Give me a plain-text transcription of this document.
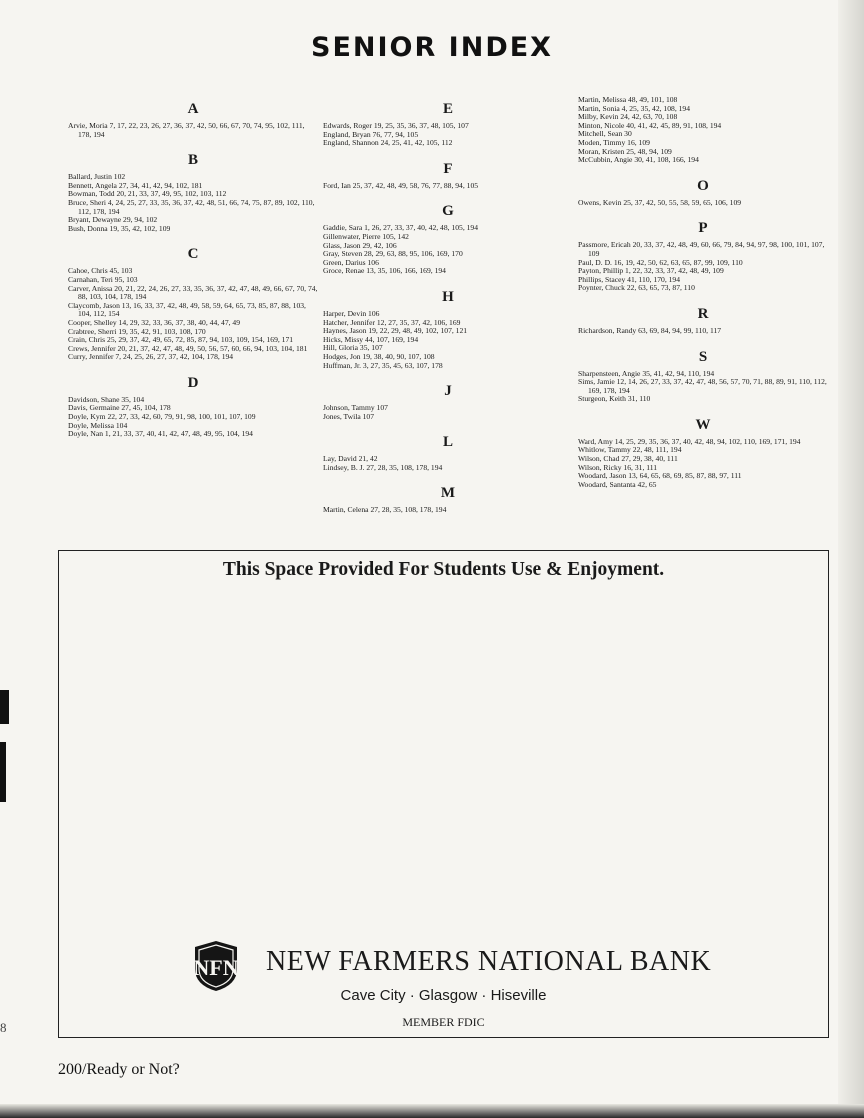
SENIOR INDEX
A
Arvie, Moria 7, 17, 22, 23, 26, 27, 36, 37, 42, 50, 66, 67, 70, 74, 95, 102, 111, 178, 194
B
Ballard, Justin 102
Bennett, Angela 27, 34, 41, 42, 94, 102, 181
Bowman, Todd 20, 21, 33, 37, 49, 95, 102, 103, 112
Bruce, Sheri 4, 24, 25, 27, 33, 35, 36, 37, 42, 48, 51, 66, 74, 75, 87, 89, 102, 110, 112, 178, 194
Bryant, Dewayne 29, 94, 102
Bush, Donna 19, 35, 42, 102, 109
C
Cahoe, Chris 45, 103
Carnahan, Teri 95, 103
Carver, Anissa 20, 21, 22, 24, 26, 27, 33, 35, 36, 37, 42, 47, 48, 49, 66, 67, 70, 74, 88, 103, 104, 178, 194
Claycomb, Jason 13, 16, 33, 37, 42, 48, 49, 58, 59, 64, 65, 73, 85, 87, 88, 103, 104, 112, 154
Cooper, Shelley 14, 29, 32, 33, 36, 37, 38, 40, 44, 47, 49
Crabtree, Sherri 19, 35, 42, 91, 103, 108, 170
Crain, Chris 25, 29, 37, 42, 49, 65, 72, 85, 87, 94, 103, 109, 154, 169, 171
Crews, Jennifer 20, 21, 37, 42, 47, 48, 49, 50, 56, 57, 60, 66, 94, 103, 104, 181
Curry, Jennifer 7, 24, 25, 26, 27, 37, 42, 104, 178, 194
D
Davidson, Shane 35, 104
Davis, Germaine 27, 45, 104, 178
Doyle, Kym 22, 27, 33, 42, 60, 79, 91, 98, 100, 101, 107, 109
Doyle, Melissa 104
Doyle, Nan 1, 21, 33, 37, 40, 41, 42, 47, 48, 49, 95, 104, 194
E
Edwards, Roger 19, 25, 35, 36, 37, 48, 105, 107
England, Bryan 76, 77, 94, 105
England, Shannon 24, 25, 41, 42, 105, 112
F
Ford, Ian 25, 37, 42, 48, 49, 58, 76, 77, 88, 94, 105
G
Gaddie, Sara 1, 26, 27, 33, 37, 40, 42, 48, 105, 194
Gillenwater, Pierre 105, 142
Glass, Jason 29, 42, 106
Gray, Steven 28, 29, 63, 88, 95, 106, 169, 170
Green, Darius 106
Groce, Renae 13, 35, 106, 166, 169, 194
H
Harper, Devin 106
Hatcher, Jennifer 12, 27, 35, 37, 42, 106, 169
Haynes, Jason 19, 22, 29, 48, 49, 102, 107, 121
Hicks, Missy 44, 107, 169, 194
Hill, Gloria 35, 107
Hodges, Jon 19, 38, 40, 90, 107, 108
Huffman, Jr. 3, 27, 35, 45, 63, 107, 178
J
Johnson, Tammy 107
Jones, Twila 107
L
Lay, David 21, 42
Lindsey, B. J. 27, 28, 35, 108, 178, 194
M
Martin, Celena 27, 28, 35, 108, 178, 194
Martin, Melissa 48, 49, 101, 108
Martin, Sonia 4, 25, 35, 42, 108, 194
Milby, Kevin 24, 42, 63, 70, 108
Minton, Nicole 40, 41, 42, 45, 89, 91, 108, 194
Mitchell, Sean 30
Moden, Timmy 16, 109
Moran, Kristen 25, 48, 94, 109
McCubbin, Angie 30, 41, 108, 166, 194
O
Owens, Kevin 25, 37, 42, 50, 55, 58, 59, 65, 106, 109
P
Passmore, Ericah 20, 33, 37, 42, 48, 49, 60, 66, 79, 84, 94, 97, 98, 100, 101, 107, 109
Paul, D. D. 16, 19, 42, 50, 62, 63, 65, 87, 99, 109, 110
Payton, Phillip 1, 22, 32, 33, 37, 42, 48, 49, 109
Phillips, Stacey 41, 110, 170, 194
Poynter, Chuck 22, 63, 65, 73, 87, 110
R
Richardson, Randy 63, 69, 84, 94, 99, 110, 117
S
Sharpensteen, Angie 35, 41, 42, 94, 110, 194
Sims, Jamie 12, 14, 26, 27, 33, 37, 42, 47, 48, 56, 57, 70, 71, 88, 89, 91, 110, 112, 169, 178, 194
Sturgeon, Keith 31, 110
W
Ward, Amy 14, 25, 29, 35, 36, 37, 40, 42, 48, 94, 102, 110, 169, 171, 194
Whitlow, Tammy 22, 48, 111, 194
Wilson, Chad 27, 29, 38, 40, 111
Wilson, Ricky 16, 31, 111
Woodard, Jason 13, 64, 65, 68, 69, 85, 87, 88, 97, 111
Woodard, Santanta 42, 65
This Space Provided For Students Use & Enjoyment.
NFN NEW FARMERS NATIONAL BANK
Cave City · Glasgow · Hiseville
MEMBER FDIC
8
200/Ready or Not?
